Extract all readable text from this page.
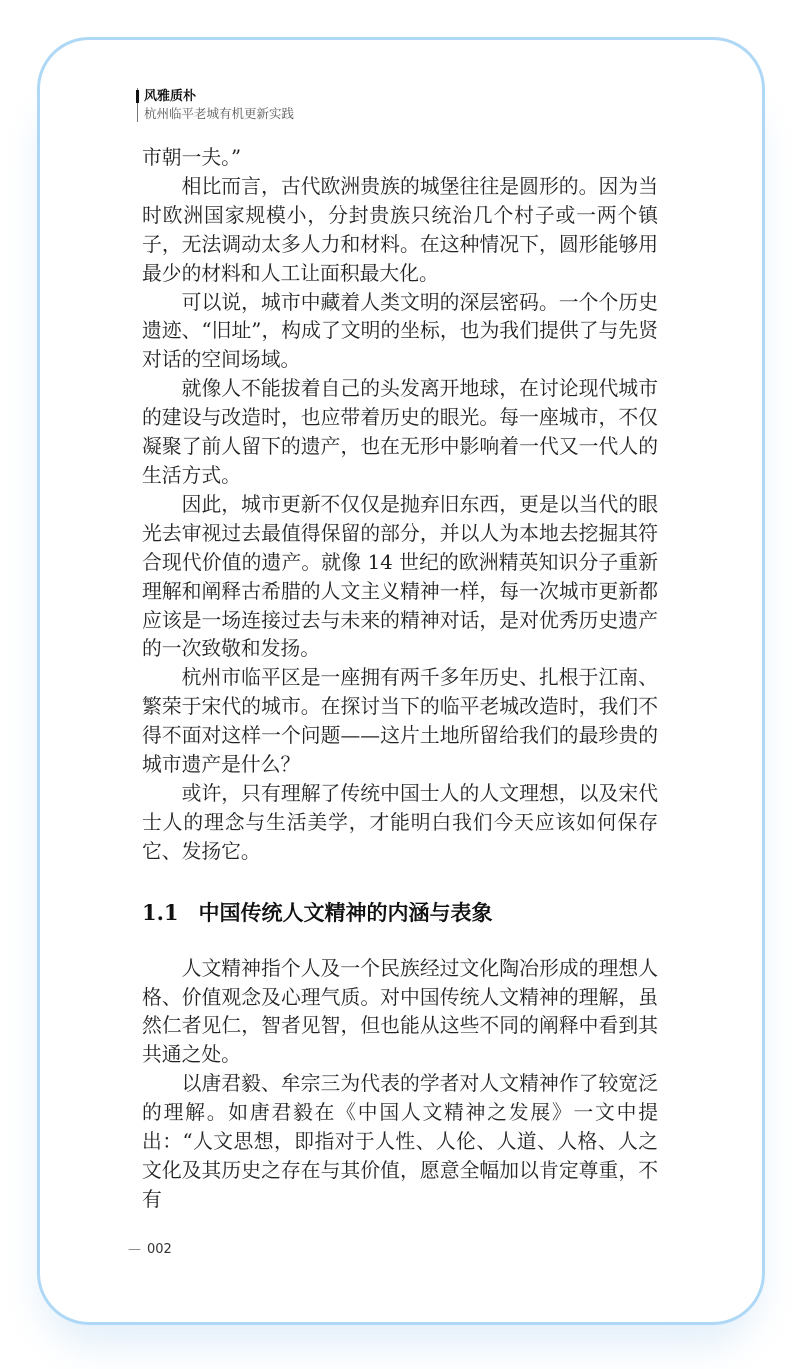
风雅质朴
杭州临平老城有机更新实践

市朝一夫。”

相比而言，古代欧洲贵族的城堡往往是圆形的。因为当时欧洲国家规模小，分封贵族只统治几个村子或一两个镇子，无法调动太多人力和材料。在这种情况下，圆形能够用最少的材料和人工让面积最大化。

可以说，城市中藏着人类文明的深层密码。一个个历史遗迹、“旧址”，构成了文明的坐标，也为我们提供了与先贤对话的空间场域。

就像人不能拔着自己的头发离开地球，在讨论现代城市的建设与改造时，也应带着历史的眼光。每一座城市，不仅凝聚了前人留下的遗产，也在无形中影响着一代又一代人的生活方式。

因此，城市更新不仅仅是抛弃旧东西，更是以当代的眼光去审视过去最值得保留的部分，并以人为本地去挖掘其符合现代价值的遗产。就像 14 世纪的欧洲精英知识分子重新理解和阐释古希腊的人文主义精神一样，每一次城市更新都应该是一场连接过去与未来的精神对话，是对优秀历史遗产的一次致敬和发扬。

杭州市临平区是一座拥有两千多年历史、扎根于江南、繁荣于宋代的城市。在探讨当下的临平老城改造时，我们不得不面对这样一个问题——这片土地所留给我们的最珍贵的城市遗产是什么？

或许，只有理解了传统中国士人的人文理想，以及宋代士人的理念与生活美学，才能明白我们今天应该如何保存它、发扬它。

1.1 中国传统人文精神的内涵与表象

人文精神指个人及一个民族经过文化陶冶形成的理想人格、价值观念及心理气质。对中国传统人文精神的理解，虽然仁者见仁，智者见智，但也能从这些不同的阐释中看到其共通之处。

以唐君毅、牟宗三为代表的学者对人文精神作了较宽泛的理解。如唐君毅在《中国人文精神之发展》一文中提出：“人文思想，即指对于人性、人伦、人道、人格、人之文化及其历史之存在与其价值，愿意全幅加以肯定尊重，不有

— 002
